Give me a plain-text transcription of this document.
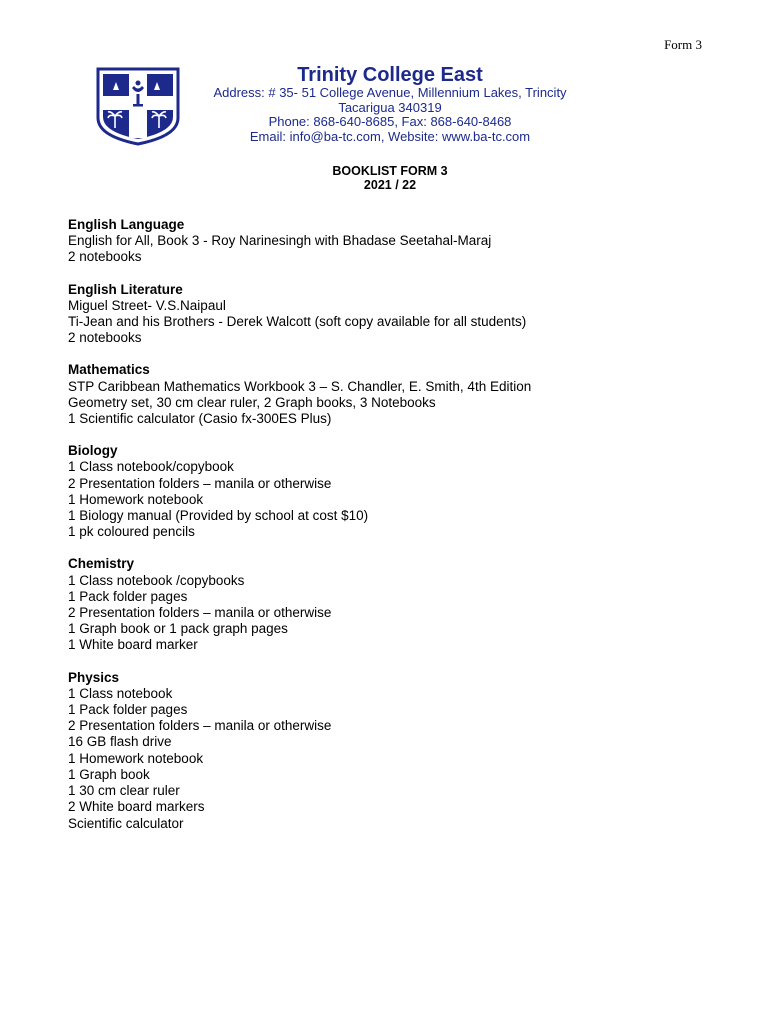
Form 3
Trinity College East
Address: # 35- 51 College Avenue, Millennium Lakes, Trincity
Tacarigua 340319
Phone: 868-640-8685, Fax: 868-640-8468
Email: info@ba-tc.com, Website: www.ba-tc.com
BOOKLIST FORM 3
2021 / 22
English Language
English for All, Book 3 - Roy Narinesingh with Bhadase Seetahal-Maraj
2 notebooks
English Literature
Miguel Street- V.S.Naipaul
Ti-Jean and his Brothers - Derek Walcott (soft copy available for all students)
2 notebooks
Mathematics
STP Caribbean Mathematics Workbook 3 – S. Chandler, E. Smith, 4th Edition
Geometry set, 30 cm clear ruler, 2 Graph books, 3 Notebooks
1 Scientific calculator (Casio fx-300ES Plus)
Biology
1 Class notebook/copybook
2 Presentation folders – manila or otherwise
1 Homework notebook
1 Biology manual (Provided by school at cost $10)
1 pk coloured pencils
Chemistry
1 Class notebook /copybooks
1 Pack folder pages
2 Presentation folders – manila or otherwise
1 Graph book or 1 pack graph pages
1 White board marker
Physics
1 Class notebook
1 Pack folder pages
2 Presentation folders – manila or otherwise
16 GB flash drive
1 Homework notebook
1 Graph book
1 30 cm clear ruler
2 White board markers
Scientific calculator
